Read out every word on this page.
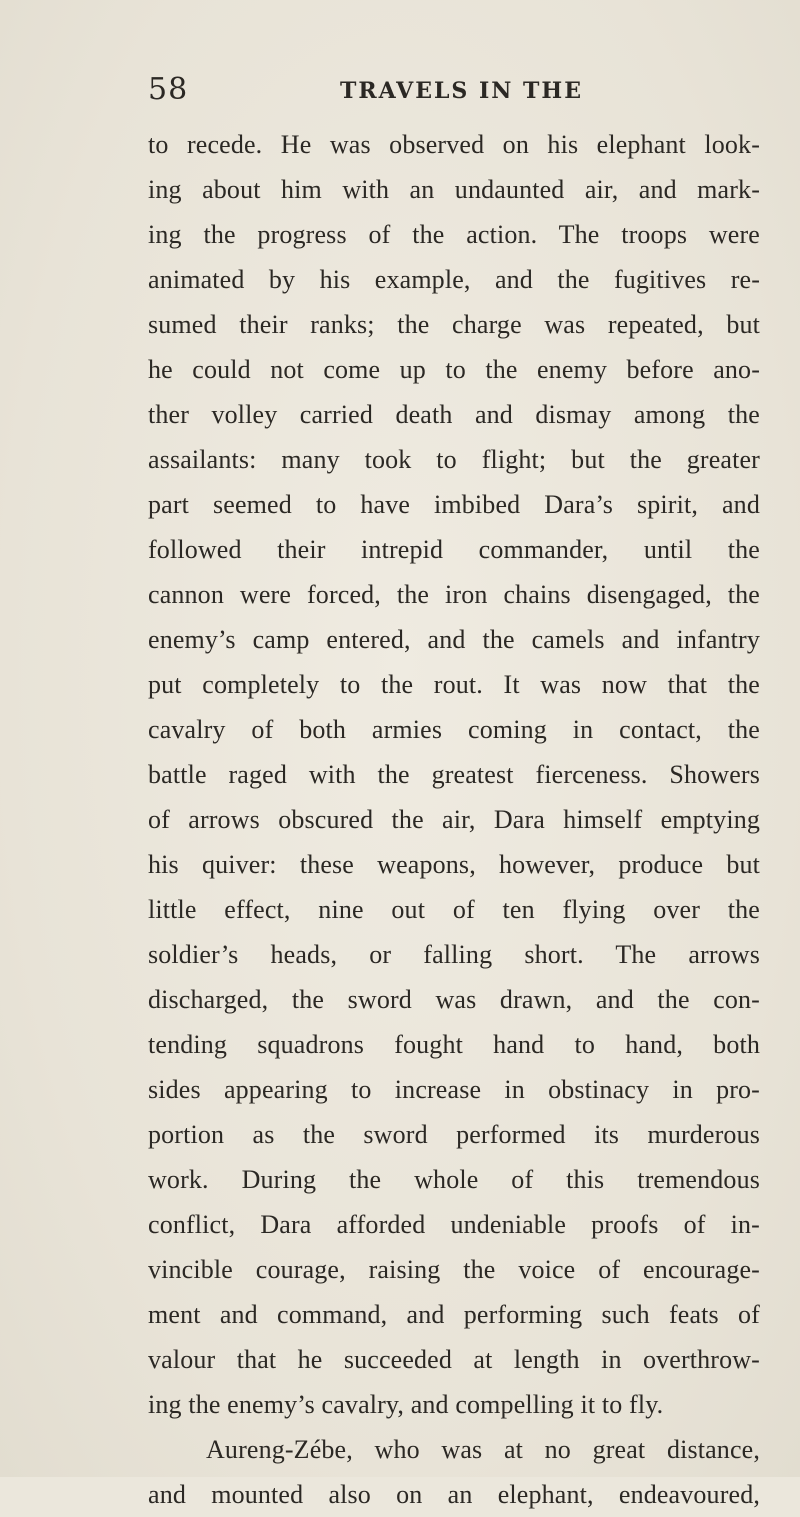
58	TRAVELS IN THE
to recede. He was observed on his elephant look-
ing about him with an undaunted air, and mark-
ing the progress of the action. The troops were
animated by his example, and the fugitives re-
sumed their ranks; the charge was repeated, but
he could not come up to the enemy before ano-
ther volley carried death and dismay among the
assailants: many took to flight; but the greater
part seemed to have imbibed Dara’s spirit, and
followed their intrepid commander, until the
cannon were forced, the iron chains disengaged, the
enemy’s camp entered, and the camels and infantry
put completely to the rout. It was now that the
cavalry of both armies coming in contact, the
battle raged with the greatest fierceness. Showers
of arrows obscured the air, Dara himself emptying
his quiver: these weapons, however, produce but
little effect, nine out of ten flying over the
soldier’s heads, or falling short. The arrows
discharged, the sword was drawn, and the con-
tending squadrons fought hand to hand, both
sides appearing to increase in obstinacy in pro-
portion as the sword performed its murderous
work. During the whole of this tremendous
conflict, Dara afforded undeniable proofs of in-
vincible courage, raising the voice of encourage-
ment and command, and performing such feats of
valour that he succeeded at length in overthrow-
ing the enemy’s cavalry, and compelling it to fly.
Aureng-Zébe, who was at no great distance,
and mounted also on an elephant, endeavoured,
